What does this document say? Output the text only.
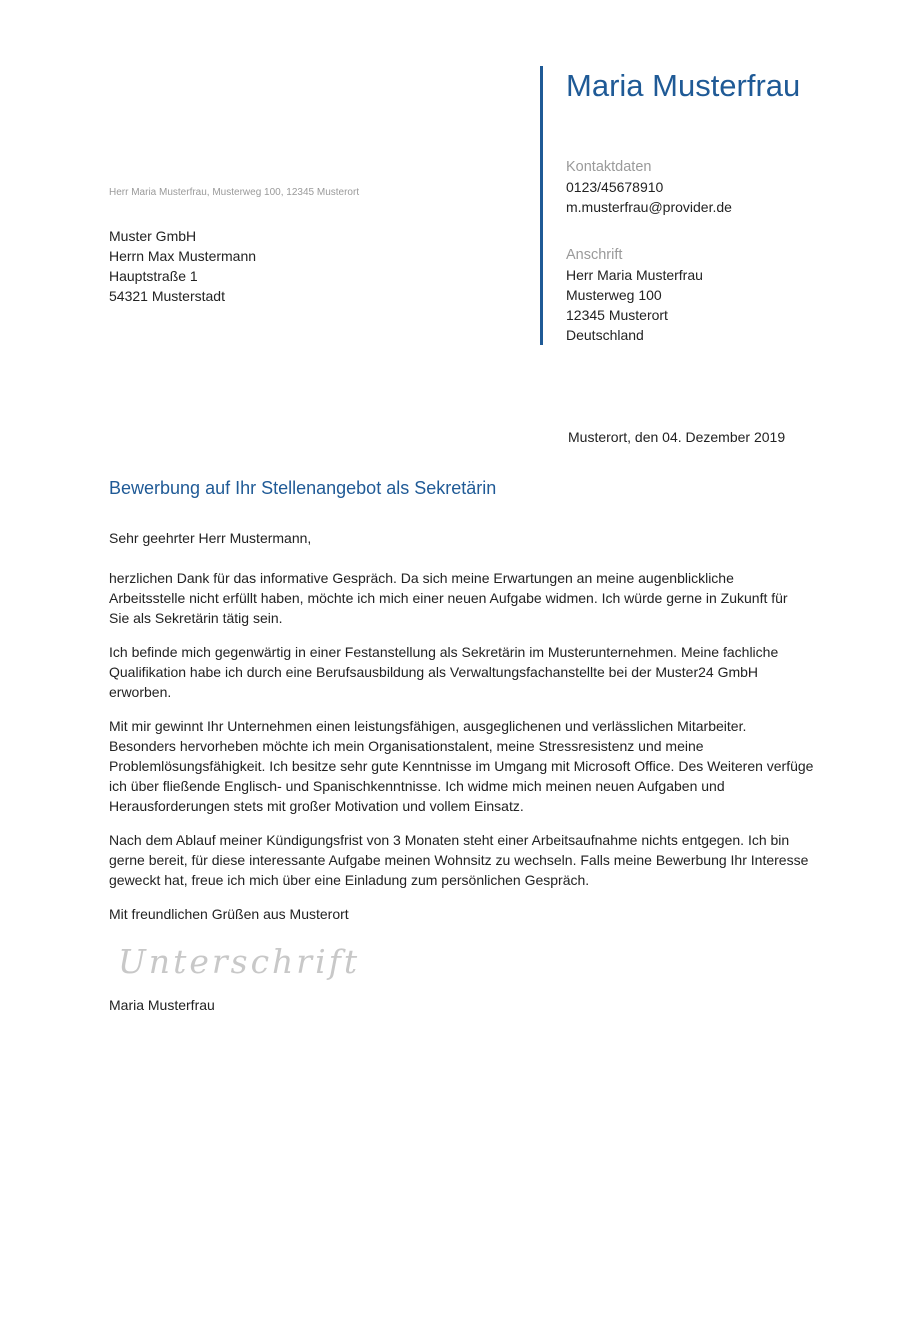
Maria Musterfrau
Kontaktdaten
0123/45678910
m.musterfrau@provider.de
Anschrift
Herr Maria Musterfrau
Musterweg 100
12345 Musterort
Deutschland
Herr Maria Musterfrau, Musterweg 100, 12345 Musterort
Muster GmbH
Herrn Max Mustermann
Hauptstraße 1
54321 Musterstadt
Musterort, den 04. Dezember 2019
Bewerbung auf Ihr Stellenangebot als Sekretärin
Sehr geehrter Herr Mustermann,
herzlichen Dank für das informative Gespräch. Da sich meine Erwartungen an meine augenblickliche
Arbeitsstelle nicht erfüllt haben, möchte ich mich einer neuen Aufgabe widmen. Ich würde gerne in Zukunft für
Sie als Sekretärin tätig sein.
Ich befinde mich gegenwärtig in einer Festanstellung als Sekretärin im Musterunternehmen. Meine fachliche
Qualifikation habe ich durch eine Berufsausbildung als Verwaltungsfachanstellte bei der Muster24 GmbH
erworben.
Mit mir gewinnt Ihr Unternehmen einen leistungsfähigen, ausgeglichenen und verlässlichen Mitarbeiter.
Besonders hervorheben möchte ich mein Organisationstalent, meine Stressresistenz und meine
Problemlösungsfähigkeit. Ich besitze sehr gute Kenntnisse im Umgang mit Microsoft Office. Des Weiteren verfüge
ich über fließende Englisch- und Spanischkenntnisse. Ich widme mich meinen neuen Aufgaben und
Herausforderungen stets mit großer Motivation und vollem Einsatz.
Nach dem Ablauf meiner Kündigungsfrist von 3 Monaten steht einer Arbeitsaufnahme nichts entgegen. Ich bin
gerne bereit, für diese interessante Aufgabe meinen Wohnsitz zu wechseln. Falls meine Bewerbung Ihr Interesse
geweckt hat, freue ich mich über eine Einladung zum persönlichen Gespräch.
Mit freundlichen Grüßen aus Musterort
Unterschrift
Maria Musterfrau
